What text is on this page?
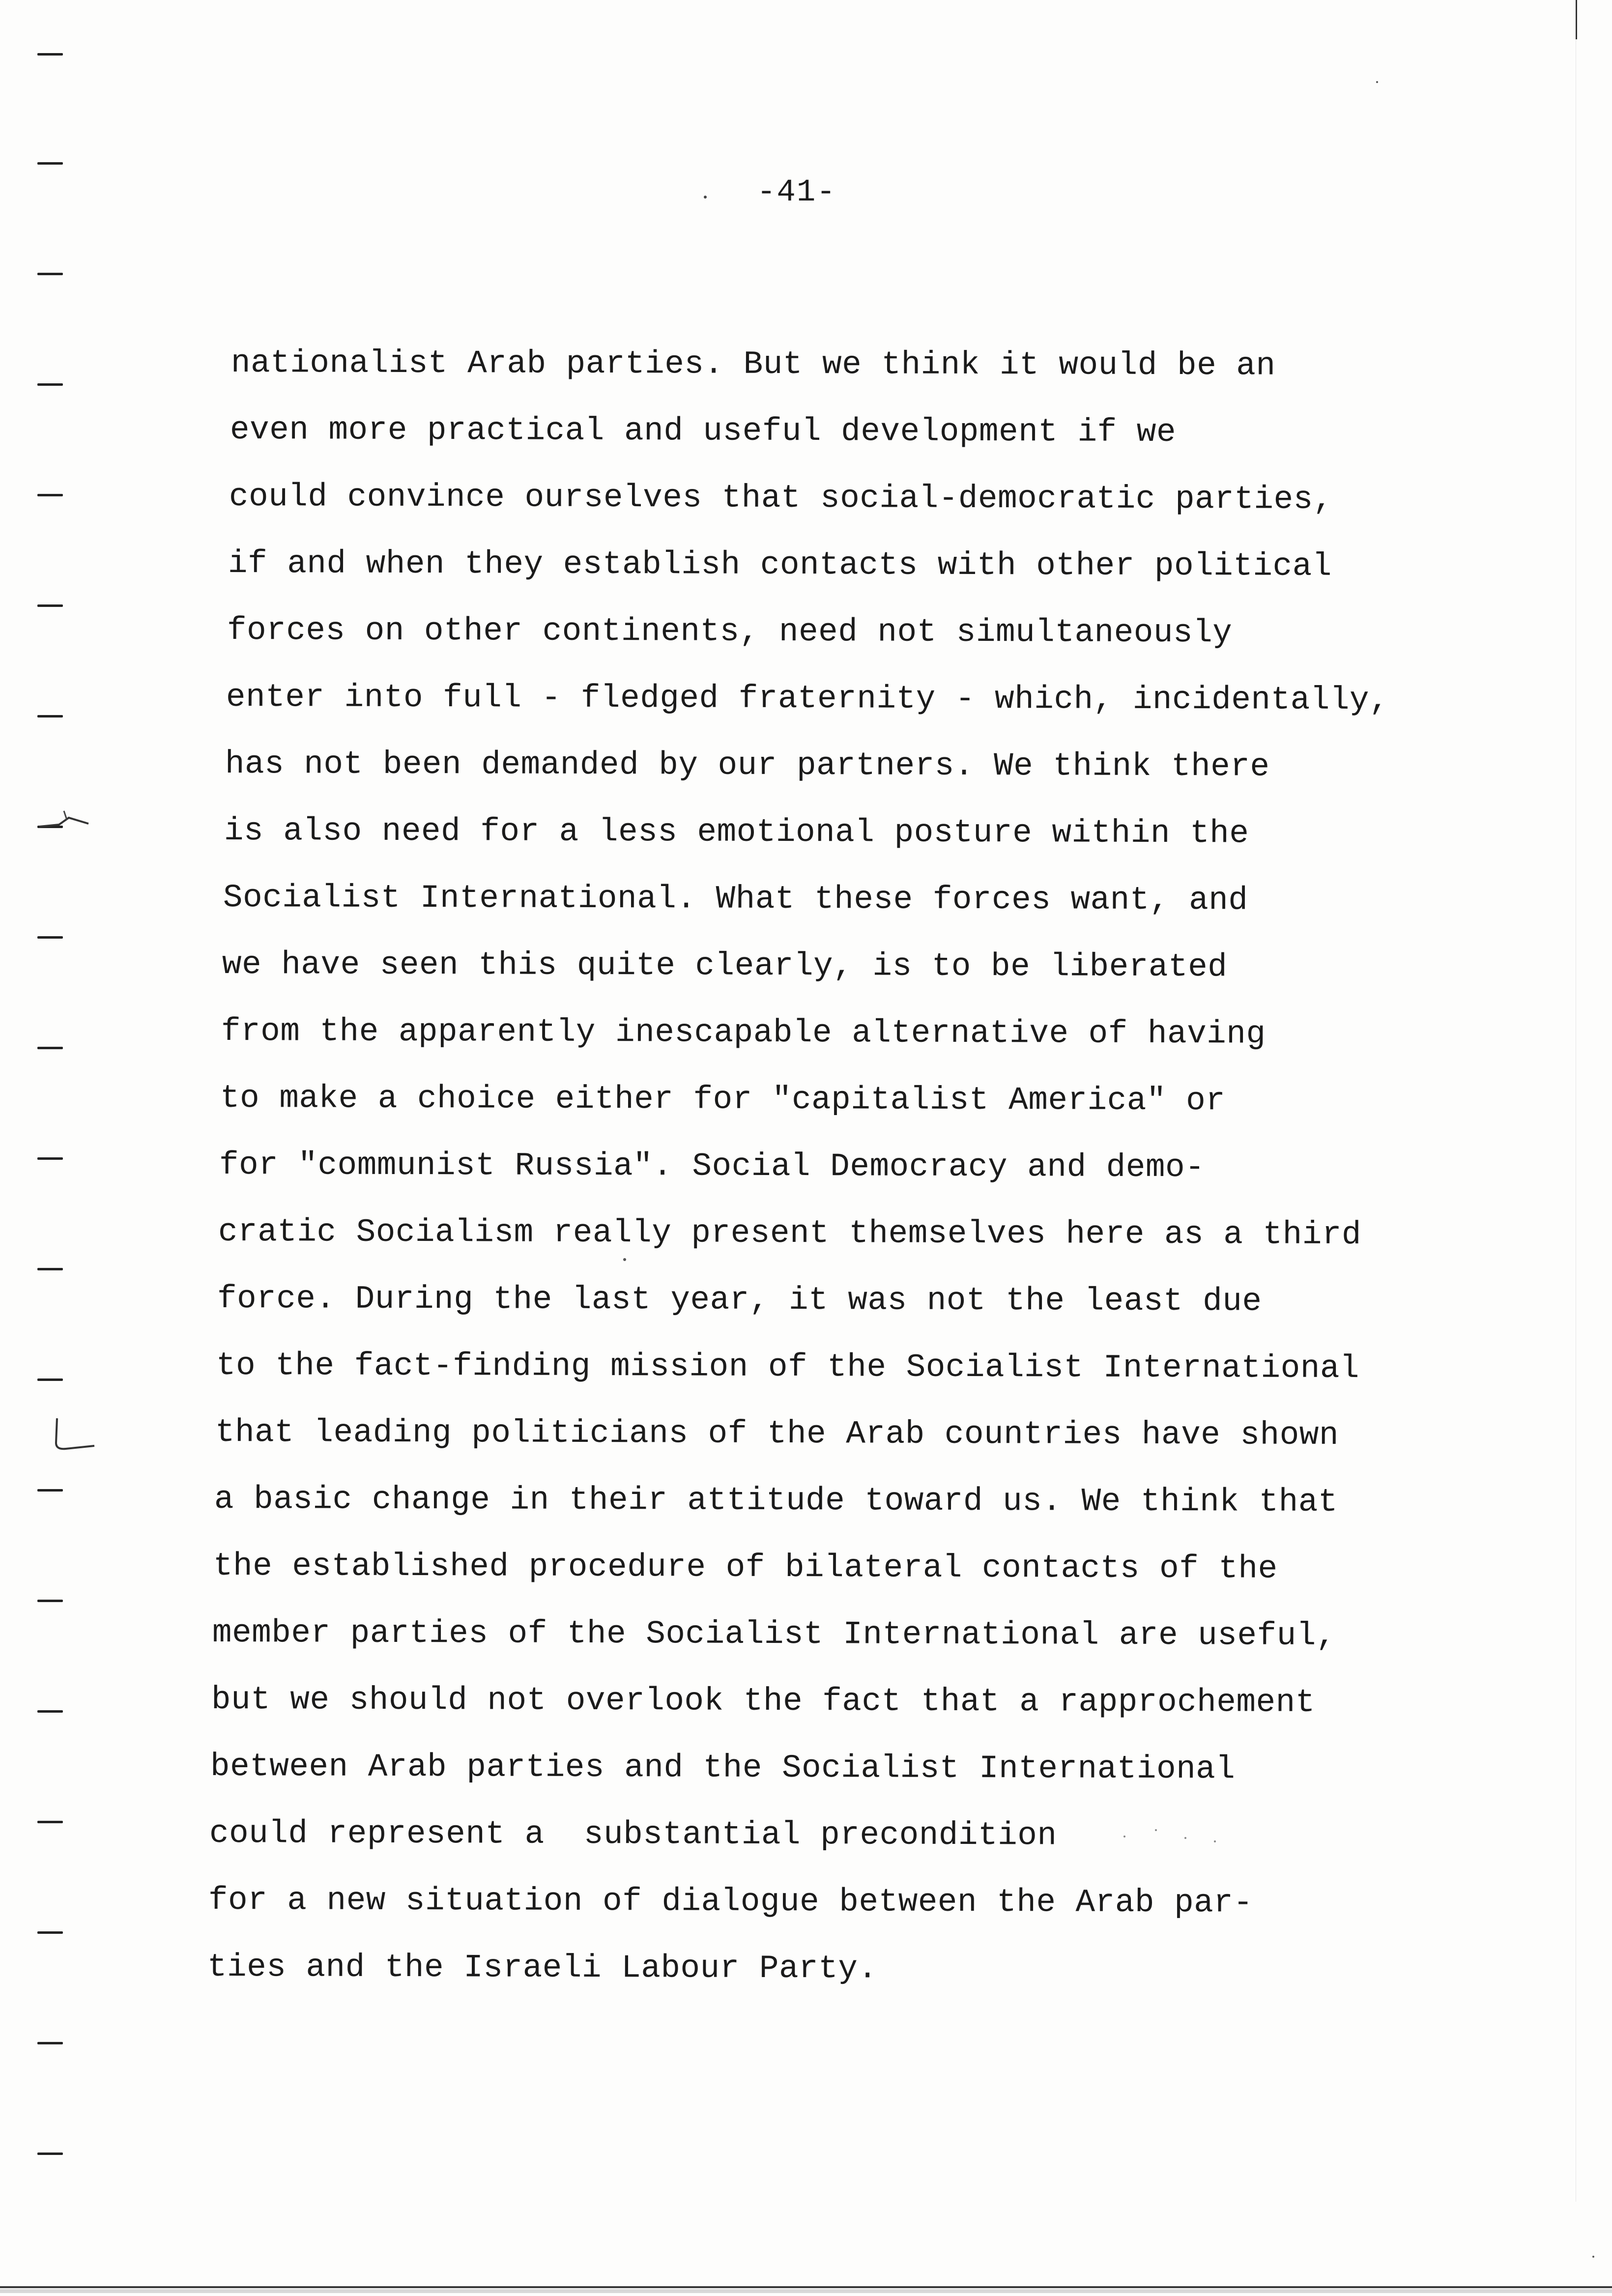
-41-
nationalist Arab parties. But we think it would be an
even more practical and useful development if we
could convince ourselves that social-democratic parties,
if and when they establish contacts with other political
forces on other continents, need not simultaneously
enter into full - fledged fraternity - which, incidentally,
has not been demanded by our partners. We think there
is also need for a less emotional posture within the
Socialist International. What these forces want, and
we have seen this quite clearly, is to be liberated
from the apparently inescapable alternative of having
to make a choice either for "capitalist America" or
for "communist Russia". Social Democracy and demo-
cratic Socialism really present themselves here as a third
force. During the last year, it was not the least due
to the fact-finding mission of the Socialist International
that leading politicians of the Arab countries have shown
a basic change in their attitude toward us. We think that
the established procedure of bilateral contacts of the
member parties of the Socialist International are useful,
but we should not overlook the fact that a rapprochement
between Arab parties and the Socialist International
could represent a  substantial precondition
for a new situation of dialogue between the Arab par-
ties and the Israeli Labour Party.
